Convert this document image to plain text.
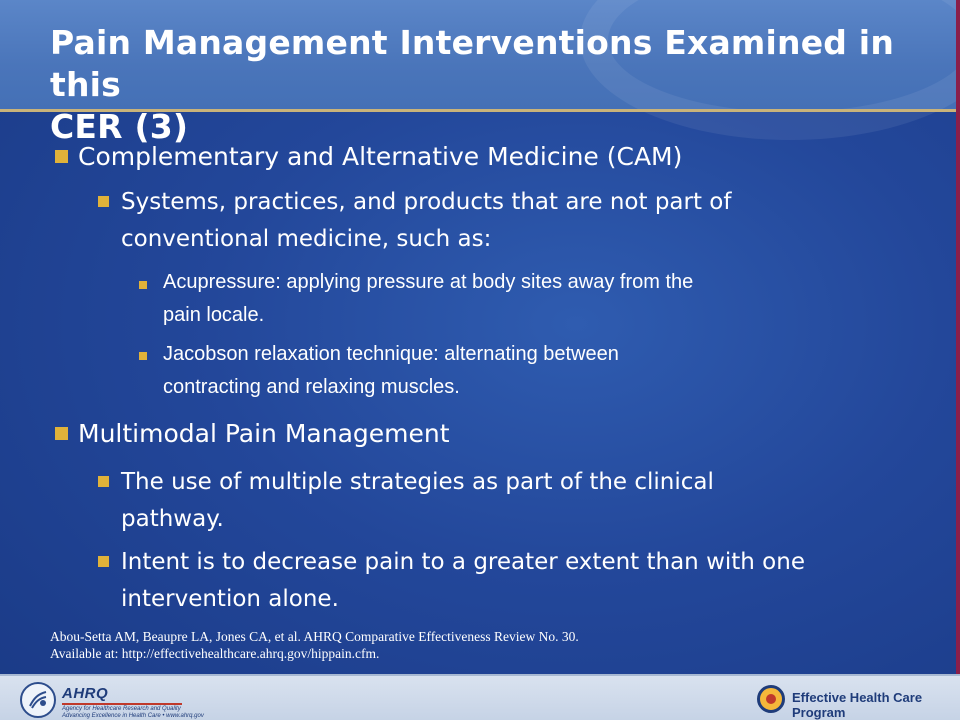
Pain Management Interventions Examined in this
CER (3)
Complementary and Alternative Medicine (CAM)
Systems, practices, and products that are not part of
conventional medicine, such as:
Acupressure: applying pressure at body sites away from the
pain locale.
Jacobson relaxation technique: alternating between
contracting and relaxing muscles.
Multimodal Pain Management
The use of multiple strategies as part of the clinical
pathway.
Intent is to decrease pain to a greater extent than with one
intervention alone.
Abou-Setta AM, Beaupre LA, Jones CA, et al. AHRQ Comparative Effectiveness Review No. 30.
Available at: http://effectivehealthcare.ahrq.gov/hippain.cfm.
AHRQ
Agency for Healthcare Research and Quality
Advancing Excellence in Health Care • www.ahrq.gov
Effective Health Care Program
